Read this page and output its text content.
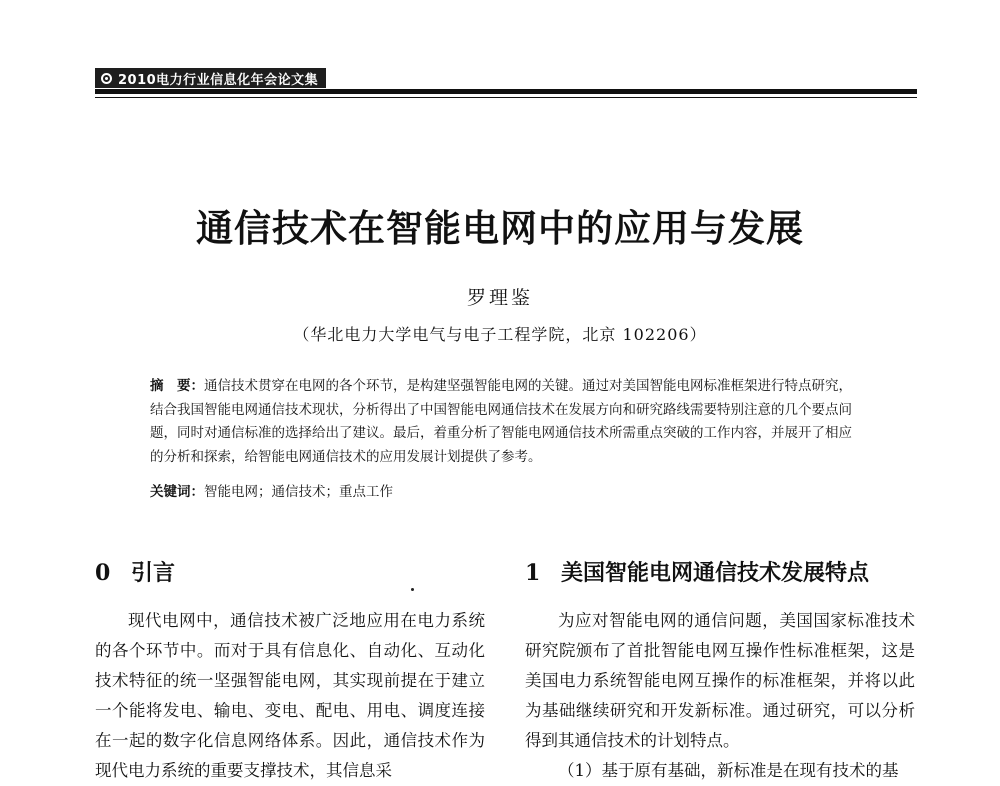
2010电力行业信息化年会论文集
通信技术在智能电网中的应用与发展
罗理鉴
（华北电力大学电气与电子工程学院，北京 102206）
摘　要：通信技术贯穿在电网的各个环节，是构建坚强智能电网的关键。通过对美国智能电网标准框架进行特点研究，结合我国智能电网通信技术现状，分析得出了中国智能电网通信技术在发展方向和研究路线需要特别注意的几个要点问题，同时对通信标准的选择给出了建议。最后，着重分析了智能电网通信技术所需重点突破的工作内容，并展开了相应的分析和探索，给智能电网通信技术的应用发展计划提供了参考。
关键词：智能电网；通信技术；重点工作
0 引言

现代电网中，通信技术被广泛地应用在电力系统的各个环节中。而对于具有信息化、自动化、互动化技术特征的统一坚强智能电网，其实现前提在于建立一个能将发电、输电、变电、配电、用电、调度连接在一起的数字化信息网络体系。因此，通信技术作为现代电力系统的重要支撑技术，其信息采

1 美国智能电网通信技术发展特点

为应对智能电网的通信问题，美国国家标准技术研究院颁布了首批智能电网互操作性标准框架，这是美国电力系统智能电网互操作的标准框架，并将以此为基础继续研究和开发新标准。通过研究，可以分析得到其通信技术的计划特点。

（1）基于原有基础，新标准是在现有技术的基
